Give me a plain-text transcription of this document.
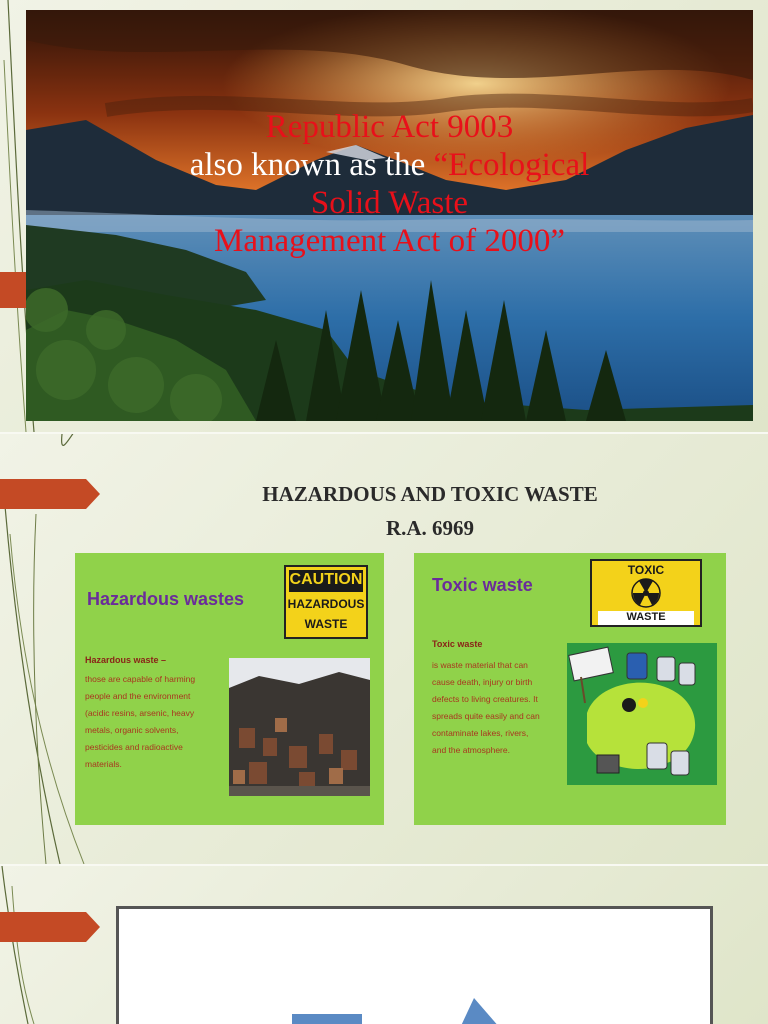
Republic Act 9003
also known as the “Ecological
Solid Waste
Management Act of 2000”
HAZARDOUS AND TOXIC WASTE
R.A. 6969
Hazardous wastes
CAUTION
HAZARDOUS
WASTE
Hazardous waste –
those are capable of harming
people and the environment
(acidic resins, arsenic, heavy
metals, organic solvents,
pesticides and radioactive
materials.
Toxic waste
TOXIC
WASTE
Toxic waste
is waste material that can
cause death, injury or birth
defects to living creatures. It
spreads quite easily and can
contaminate lakes, rivers,
and the atmosphere.
